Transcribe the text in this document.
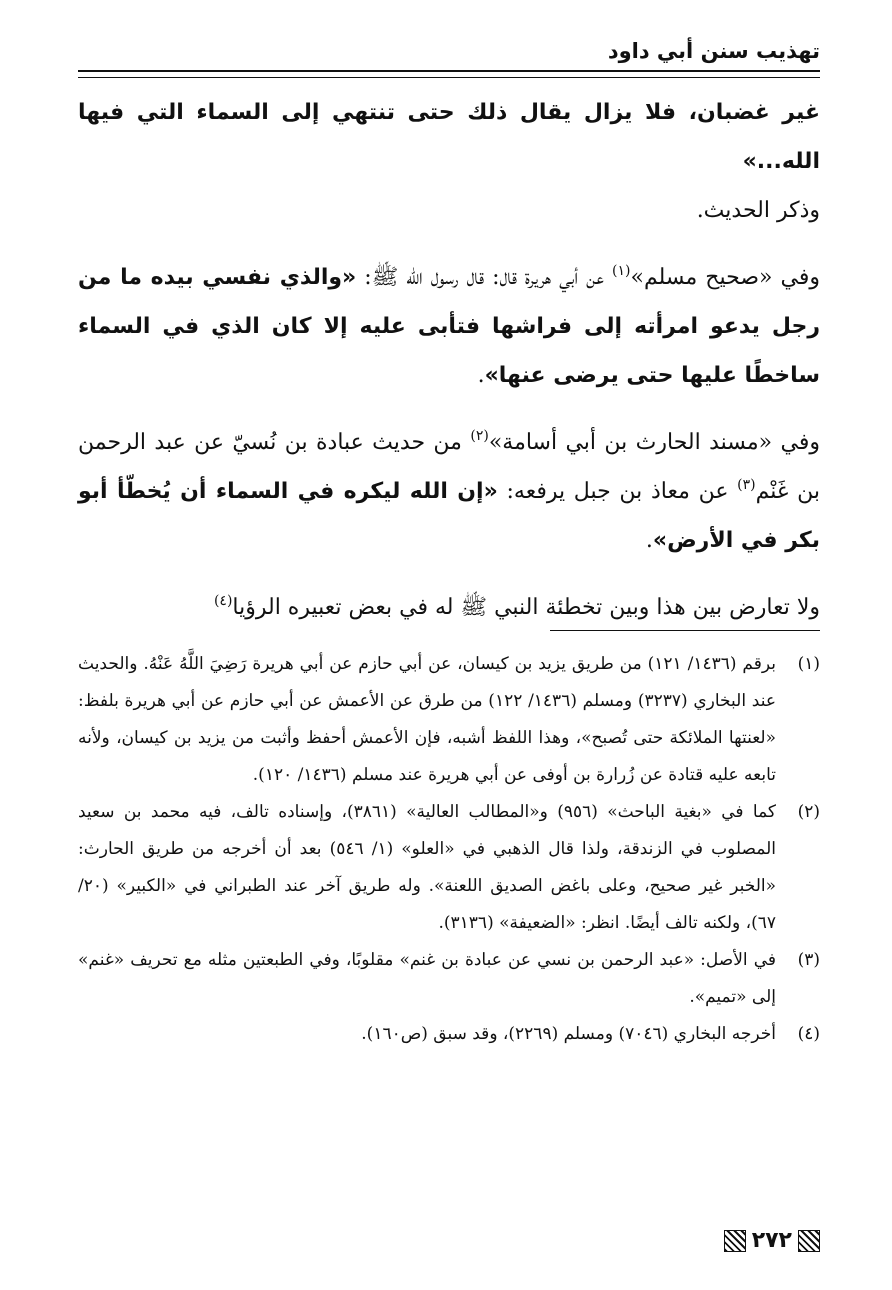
تهذيب سنن أبي داود

غير غضبان، فلا يزال يقال ذلك حتى تنتهي إلى السماء التي فيها الله...»
وذكر الحديث.

وفي «صحيح مسلم»$^{(١)}$ عن أبي هريرة قال: قال رسول الله ﷺ: «والذي نفسي بيده ما من رجل يدعو امرأته إلى فراشها فتأبى عليه إلا كان الذي في السماء ساخطًا عليها حتى يرضى عنها».

وفي «مسند الحارث بن أبي أسامة»$^{(٢)}$ من حديث عبادة بن نُسيّ عن عبد الرحمن بن غَنْم$^{(٣)}$ عن معاذ بن جبل يرفعه: «إن الله ليكره في السماء أن يُخطّأ أبو بكر في الأرض».

ولا تعارض بين هذا وبين تخطئة النبي ﷺ له في بعض تعبيره الرؤيا$^{(٤)}$

(١)
برقم (١٤٣٦/ ١٢١) من طريق يزيد بن كيسان، عن أبي حازم عن أبي هريرة رَضِيَ اللَّهُ عَنْهُ. والحديث عند البخاري (٣٢٣٧) ومسلم (١٤٣٦/ ١٢٢) من طرق عن الأعمش عن أبي حازم عن أبي هريرة بلفظ: «لعنتها الملائكة حتى تُصبح»، وهذا اللفظ أشبه، فإن الأعمش أحفظ وأثبت من يزيد بن كيسان، ولأنه تابعه عليه قتادة عن زُرارة بن أوفى عن أبي هريرة عند مسلم (١٤٣٦/ ١٢٠).
(٢)
كما في «بغية الباحث» (٩٥٦) و«المطالب العالية» (٣٨٦١)، وإسناده تالف، فيه محمد بن سعيد المصلوب في الزندقة، ولذا قال الذهبي في «العلو» (١/ ٥٤٦) بعد أن أخرجه من طريق الحارث: «الخبر غير صحيح، وعلى باغض الصديق اللعنة». وله طريق آخر عند الطبراني في «الكبير» (٢٠/ ٦٧)، ولكنه تالف أيضًا. انظر: «الضعيفة» (٣١٣٦).
(٣)
في الأصل: «عبد الرحمن بن نسي عن عبادة بن غنم» مقلوبًا، وفي الطبعتين مثله مع تحريف «غنم» إلى «تميم».
(٤)
أخرجه البخاري (٧٠٤٦) ومسلم (٢٢٦٩)، وقد سبق (ص١٦٠).
٢٧٢
